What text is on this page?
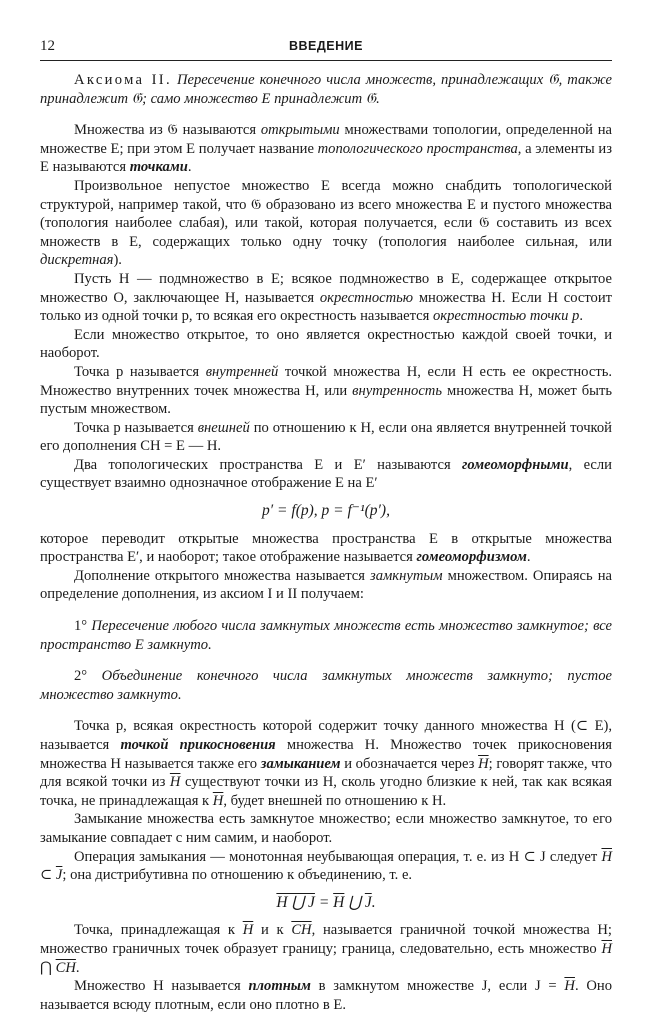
12	ВВЕДЕНИЕ

Аксиома II. Пересечение конечного числа множеств, принадлежащих 𝔊, также принадлежит 𝔊; само множество E принадлежит 𝔊.

Множества из 𝔊 называются открытыми множествами топологии, определенной на множестве E; при этом E получает название топологического пространства, а элементы из E называются точками.

Произвольное непустое множество E всегда можно снабдить топологической структурой, например такой, что 𝔊 образовано из всего множества E и пустого множества (топология наиболее слабая), или такой, которая получается, если 𝔊 составить из всех множеств в E, содержащих только одну точку (топология наиболее сильная, или дискретная).

Пусть H — подмножество в E; всякое подмножество в E, содержащее открытое множество O, заключающее H, называется окрестностью множества H. Если H состоит только из одной точки p, то всякая его окрестность называется окрестностью точки p.

Если множество открытое, то оно является окрестностью каждой своей точки, и наоборот.

Точка p называется внутренней точкой множества H, если H есть ее окрестность. Множество внутренних точек множества H, или внутренность множества H, может быть пустым множеством.

Точка p называется внешней по отношению к H, если она является внутренней точкой его дополнения CH = E — H.

Два топологических пространства E и E′ называются гомеоморфными, если существует взаимно однозначное отображение E на E′

p′ = f(p), p = f⁻¹(p′),

которое переводит открытые множества пространства E в открытые множества пространства E′, и наоборот; такое отображение называется гомеоморфизмом.

Дополнение открытого множества называется замкнутым множеством. Опираясь на определение дополнения, из аксиом I и II получаем:

1° Пересечение любого числа замкнутых множеств есть множество замкнутое; все пространство E замкнуто.

2° Объединение конечного числа замкнутых множеств замкнуто; пустое множество замкнуто.

Точка p, всякая окрестность которой содержит точку данного множества H (⊂ E), называется точкой прикосновения множества H. Множество точек прикосновения множества H называется также его замыканием и обозначается через $\overline{H}$; говорят также, что для всякой точки из $\overline{H}$ существуют точки из H, сколь угодно близкие к ней, так как всякая точка, не принадлежащая к $\overline{H}$, будет внешней по отношению к H.

Замыкание множества есть замкнутое множество; если множество замкнутое, то его замыкание совпадает с ним самим, и наоборот.

Операция замыкания — монотонная неубывающая операция, т. е. из H ⊂ J следует $\overline{H}$ ⊂ $\overline{J}$; она дистрибутивна по отношению к объединению, т. е.

H ⋃ $J = \overline{H}$ ⋃ $\overline{J}$.

Точка, принадлежащая к $\overline{H}$ и к $\overline{CH}$, называется граничной точкой множества H; множество граничных точек образует границу; граница, следовательно, есть множество $\overline{H}$ ⋂ $\overline{CH}$.

Множество H называется плотным в замкнутом множестве J, если $J = \overline{H}$. Оно называется всюду плотным, если оно плотно в E.
